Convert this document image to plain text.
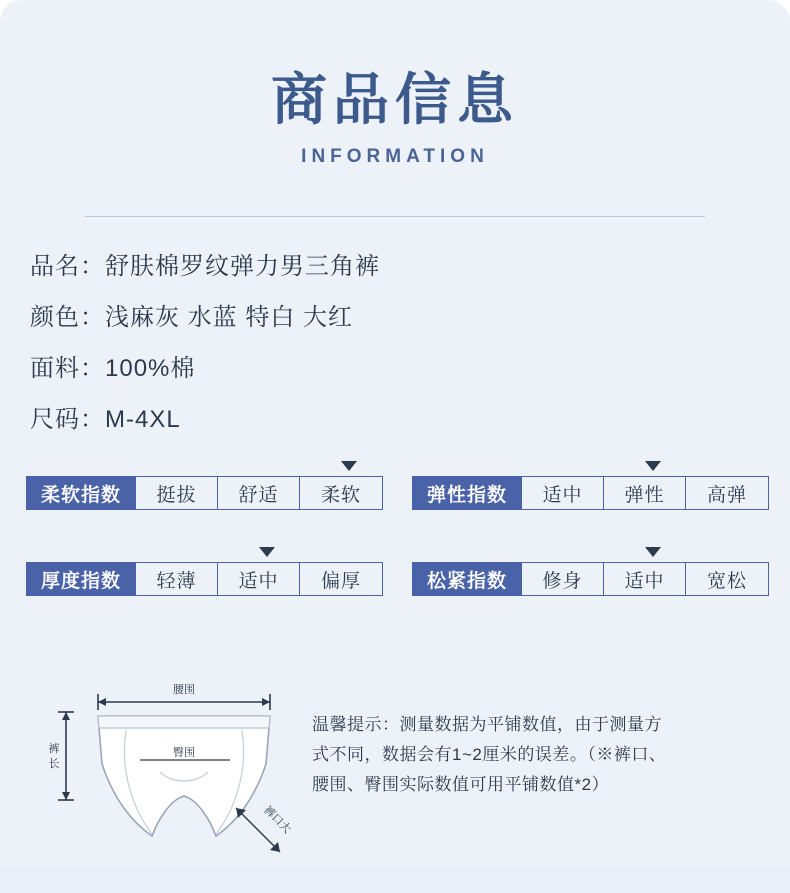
商品信息
INFORMATION
品名：舒肤棉罗纹弹力男三角裤
颜色：浅麻灰 水蓝 特白 大红
面料：100%棉
尺码：M-4XL
柔软指数	挺拔	舒适	柔软	弹性指数	适中	弹性	高弹
厚度指数	轻薄	适中	偏厚	松紧指数	修身	适中	宽松
腰围
裤
长
臀围
裤口大
温馨提示：测量数据为平铺数值，由于测量方
式不同，数据会有1~2厘米的误差。（※裤口、
腰围、臀围实际数值可用平铺数值*2）
